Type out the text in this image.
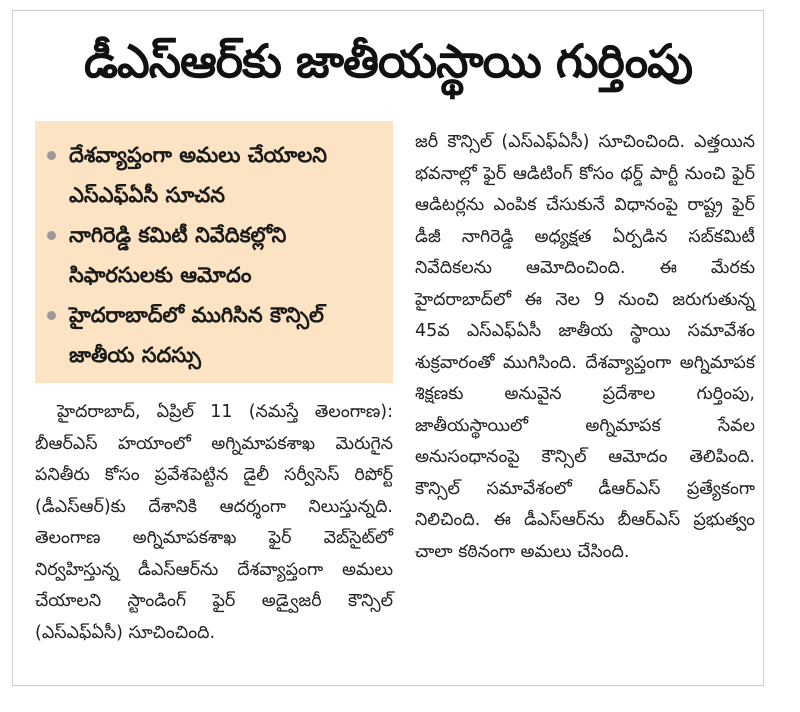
డీఎస్‌ఆర్‌కు జాతీయస్థాయి గుర్తింపు
దేశవ్యాప్తంగా అమలు చేయాలని ఎస్‌ఎఫ్‌ఏసీ సూచన
నాగిరెడ్డి కమిటీ నివేదికల్లోని సిఫారసులకు ఆమోదం
హైదరాబాద్‌లో ముగిసిన కౌన్సిల్‌ జాతీయ సదస్సు

హైదరాబాద్‌, ఏప్రిల్‌ 11 (నమస్తే తెలంగాణ): బీఆర్‌ఎస్‌ హయాంలో అగ్నిమాపకశాఖ మెరుగైన పనితీరు కోసం ప్రవేశపెట్టిన డైలీ సర్వీసెస్‌ రిపోర్ట్‌ (డీఎస్‌ఆర్‌)కు దేశానికి ఆదర్శంగా నిలుస్తున్నది. తెలంగాణ అగ్నిమాపకశాఖ ఫైర్‌ వెబ్‌సైట్‌లో నిర్వహిస్తున్న డీఎస్‌ఆర్‌ను దేశవ్యాప్తంగా అమలు చేయాలని స్టాండింగ్‌ ఫైర్‌ అడ్వైజరీ కౌన్సిల్‌ (ఎస్‌ఎఫ్‌ఏసీ) సూచించింది.

జరీ కౌన్సిల్‌ (ఎస్‌ఎఫ్‌ఏసీ) సూచించింది. ఎత్తయిన భవనాల్లో ఫైర్‌ ఆడిటింగ్‌ కోసం థర్డ్‌ పార్టీ నుంచి ఫైర్‌ ఆడిటర్లను ఎంపిక చేసుకునే విధానంపై రాష్ట్ర ఫైర్‌ డీజీ నాగిరెడ్డి అధ్యక్షత ఏర్పడిన సబ్‌కమిటీ నివేదికలను ఆమోదించింది. ఈ మేరకు హైదరాబాద్‌లో ఈ నెల 9 నుంచి జరుగుతున్న 45వ ఎస్‌ఎఫ్‌ఏసీ జాతీయ స్థాయి సమావేశం శుక్రవారంతో ముగిసింది. దేశవ్యాప్తంగా అగ్నిమాపక శిక్షణకు అనువైన ప్రదేశాల గుర్తింపు, జాతీయస్థాయిలో అగ్నిమాపక సేవల అనుసంధానంపై కౌన్సిల్‌ ఆమోదం తెలిపింది. కౌన్సిల్‌ సమావేశంలో డీఆర్‌ఎస్‌ ప్రత్యేకంగా నిలిచింది. ఈ డీఎస్‌ఆర్‌ను బీఆర్‌ఎస్‌ ప్రభుత్వం చాలా కఠినంగా అమలు చేసింది.
